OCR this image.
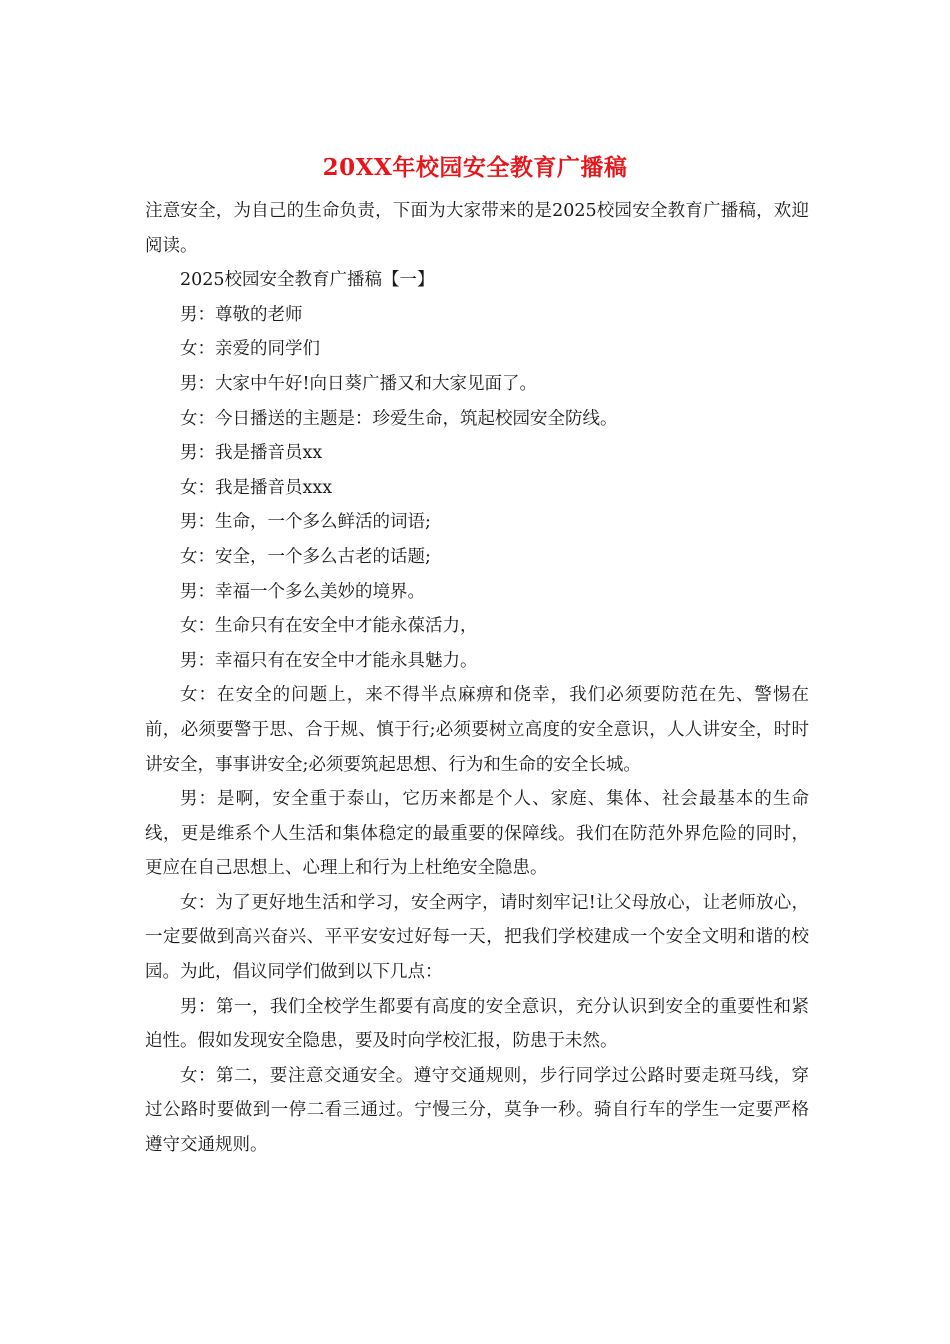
20XX年校园安全教育广播稿

注意安全，为自己的生命负责，下面为大家带来的是2025校园安全教育广播稿，欢迎阅读。

2025校园安全教育广播稿【一】

男：尊敬的老师

女：亲爱的同学们

男：大家中午好!向日葵广播又和大家见面了。

女：今日播送的主题是：珍爱生命，筑起校园安全防线。

男：我是播音员xx

女：我是播音员xxx

男：生命，一个多么鲜活的词语;

女：安全，一个多么古老的话题;

男：幸福一个多么美妙的境界。

女：生命只有在安全中才能永葆活力，

男：幸福只有在安全中才能永具魅力。

女：在安全的问题上，来不得半点麻痹和侥幸，我们必须要防范在先、警惕在前，必须要警于思、合于规、慎于行;必须要树立高度的安全意识，人人讲安全，时时讲安全，事事讲安全;必须要筑起思想、行为和生命的安全长城。

男：是啊，安全重于泰山，它历来都是个人、家庭、集体、社会最基本的生命线，更是维系个人生活和集体稳定的最重要的保障线。我们在防范外界危险的同时，更应在自己思想上、心理上和行为上杜绝安全隐患。

女：为了更好地生活和学习，安全两字，请时刻牢记!让父母放心，让老师放心，一定要做到高兴奋兴、平平安安过好每一天，把我们学校建成一个安全文明和谐的校园。为此，倡议同学们做到以下几点：

男：第一，我们全校学生都要有高度的安全意识，充分认识到安全的重要性和紧迫性。假如发现安全隐患，要及时向学校汇报，防患于未然。

女：第二，要注意交通安全。遵守交通规则，步行同学过公路时要走斑马线，穿过公路时要做到一停二看三通过。宁慢三分，莫争一秒。骑自行车的学生一定要严格遵守交通规则。
